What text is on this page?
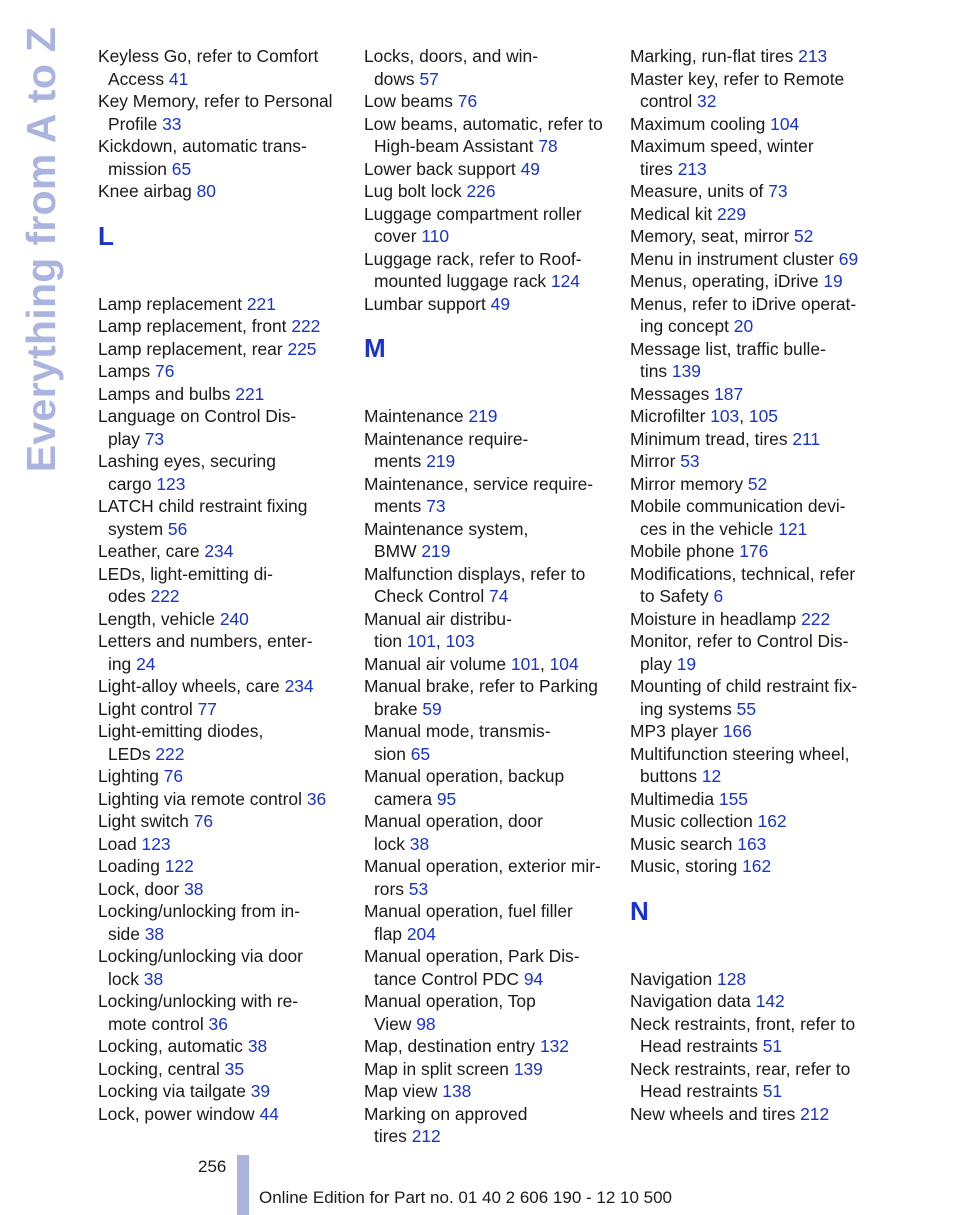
Everything from A to Z Keyless Go, refer to Comfort
Access 41
Key Memory, refer to Personal
Profile 33
Kickdown, automatic trans-
mission 65
Knee airbag 80
L
Lamp replacement 221
Lamp replacement, front 222
Lamp replacement, rear 225
Lamps 76
Lamps and bulbs 221
Language on Control Dis-
play 73
Lashing eyes, securing
cargo 123
LATCH child restraint fixing
system 56
Leather, care 234
LEDs, light-emitting di-
odes 222
Length, vehicle 240
Letters and numbers, enter-
ing 24
Light-alloy wheels, care 234
Light control 77
Light-emitting diodes,
LEDs 222
Lighting 76
Lighting via remote control 36
Light switch 76
Load 123
Loading 122
Lock, door 38
Locking/unlocking from in-
side 38
Locking/unlocking via door
lock 38
Locking/unlocking with re-
mote control 36
Locking, automatic 38
Locking, central 35
Locking via tailgate 39
Lock, power window 44
Locks, doors, and win-
dows 57
Low beams 76
Low beams, automatic, refer to
High-beam Assistant 78
Lower back support 49
Lug bolt lock 226
Luggage compartment roller
cover 110
Luggage rack, refer to Roof-
mounted luggage rack 124
Lumbar support 49
M
Maintenance 219
Maintenance require-
ments 219
Maintenance, service require-
ments 73
Maintenance system,
BMW 219
Malfunction displays, refer to
Check Control 74
Manual air distribu-
tion 101, 103
Manual air volume 101, 104
Manual brake, refer to Parking
brake 59
Manual mode, transmis-
sion 65
Manual operation, backup
camera 95
Manual operation, door
lock 38
Manual operation, exterior mir-
rors 53
Manual operation, fuel filler
flap 204
Manual operation, Park Dis-
tance Control PDC 94
Manual operation, Top
View 98
Map, destination entry 132
Map in split screen 139
Map view 138
Marking on approved
tires 212
Marking, run-flat tires 213
Master key, refer to Remote
control 32
Maximum cooling 104
Maximum speed, winter
tires 213
Measure, units of 73
Medical kit 229
Memory, seat, mirror 52
Menu in instrument cluster 69
Menus, operating, iDrive 19
Menus, refer to iDrive operat-
ing concept 20
Message list, traffic bulle-
tins 139
Messages 187
Microfilter 103, 105
Minimum tread, tires 211
Mirror 53
Mirror memory 52
Mobile communication devi-
ces in the vehicle 121
Mobile phone 176
Modifications, technical, refer
to Safety 6
Moisture in headlamp 222
Monitor, refer to Control Dis-
play 19
Mounting of child restraint fix-
ing systems 55
MP3 player 166
Multifunction steering wheel,
buttons 12
Multimedia 155
Music collection 162
Music search 163
Music, storing 162
N
Navigation 128
Navigation data 142
Neck restraints, front, refer to
Head restraints 51
Neck restraints, rear, refer to
Head restraints 51
New wheels and tires 212
256
Online Edition for Part no. 01 40 2 606 190 - 12 10 500
